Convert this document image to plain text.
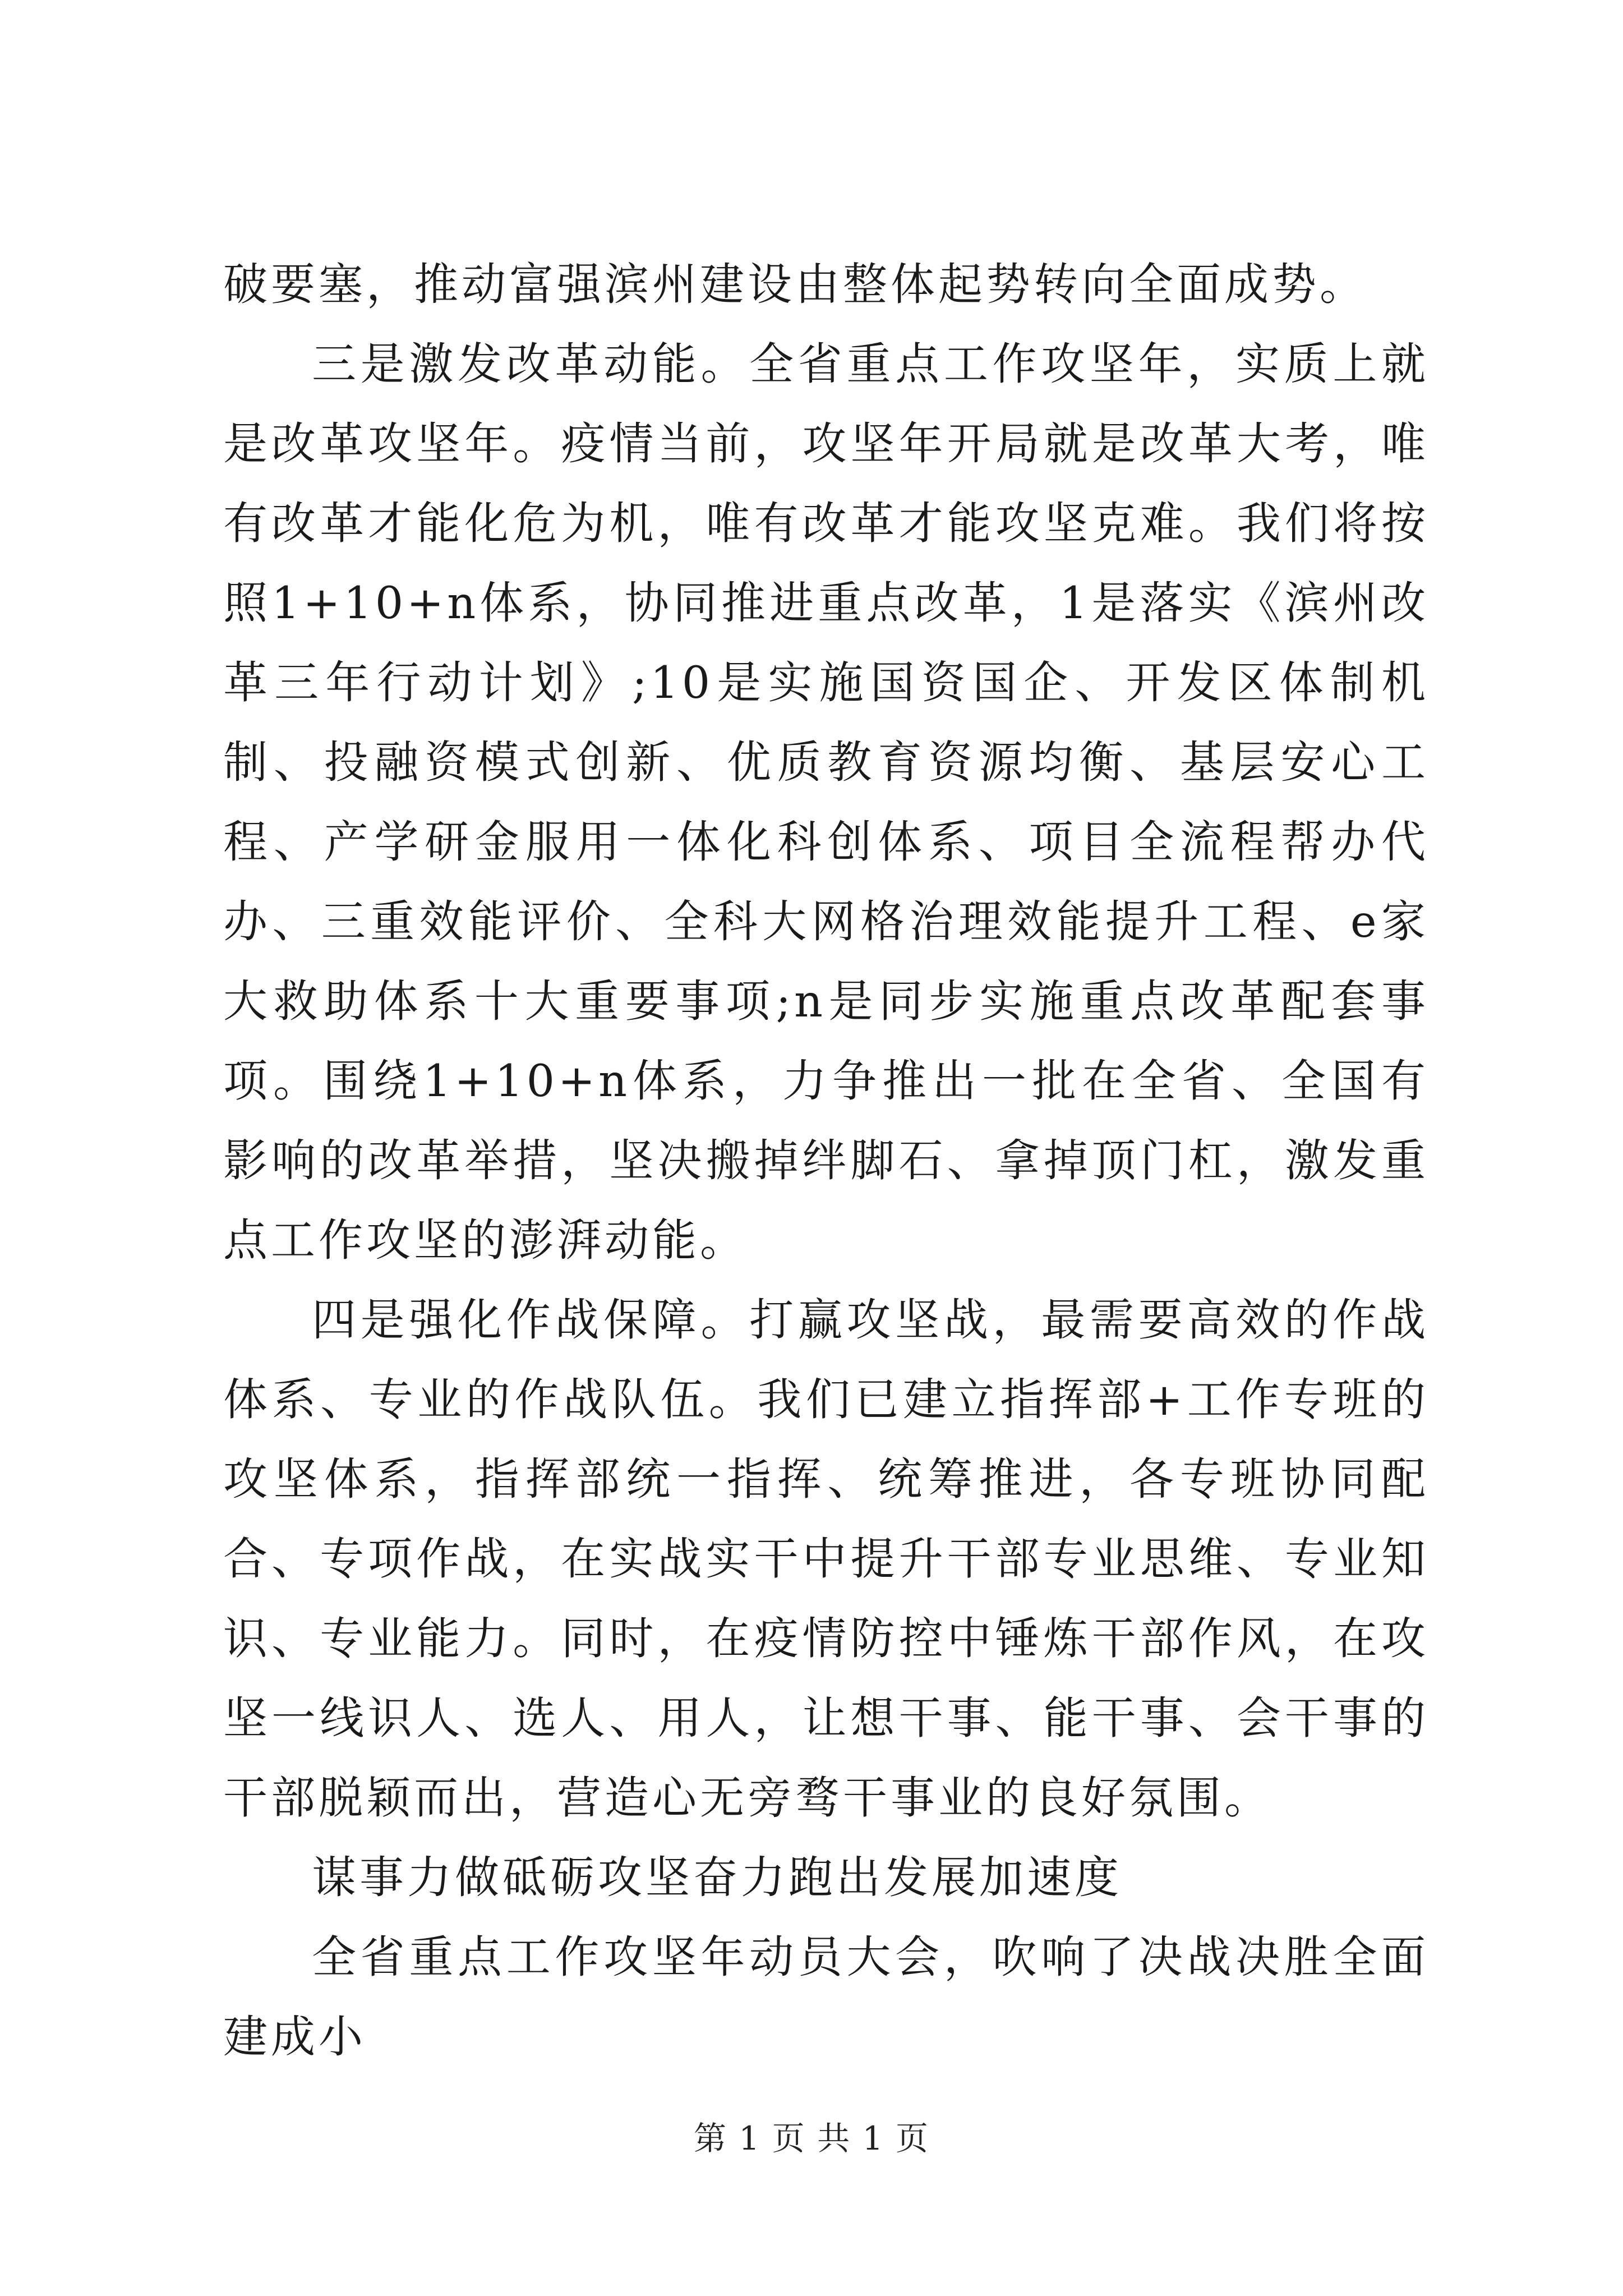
破要塞，推动富强滨州建设由整体起势转向全面成势。

三是激发改革动能。全省重点工作攻坚年，实质上就是改革攻坚年。疫情当前，攻坚年开局就是改革大考，唯有改革才能化危为机，唯有改革才能攻坚克难。我们将按照1+10+n体系，协同推进重点改革，1是落实《滨州改革三年行动计划》;10是实施国资国企、开发区体制机制、投融资模式创新、优质教育资源均衡、基层安心工程、产学研金服用一体化科创体系、项目全流程帮办代办、三重效能评价、全科大网格治理效能提升工程、e家大救助体系十大重要事项;n是同步实施重点改革配套事项。围绕1+10+n体系，力争推出一批在全省、全国有影响的改革举措，坚决搬掉绊脚石、拿掉顶门杠，激发重点工作攻坚的澎湃动能。

四是强化作战保障。打赢攻坚战，最需要高效的作战体系、专业的作战队伍。我们已建立指挥部+工作专班的攻坚体系，指挥部统一指挥、统筹推进，各专班协同配合、专项作战，在实战实干中提升干部专业思维、专业知识、专业能力。同时，在疫情防控中锤炼干部作风，在攻坚一线识人、选人、用人，让想干事、能干事、会干事的干部脱颖而出，营造心无旁骛干事业的良好氛围。

谋事力做砥砺攻坚奋力跑出发展加速度

全省重点工作攻坚年动员大会，吹响了决战决胜全面建成小

第 1 页 共 1 页
